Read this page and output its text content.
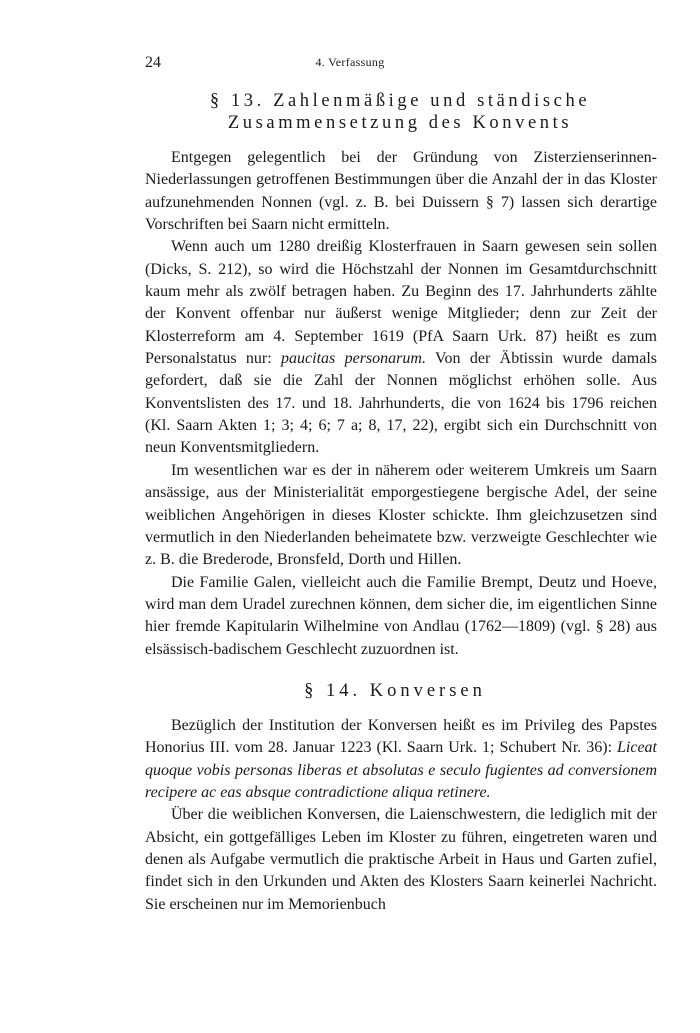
24	4. Verfassung
§ 13. Zahlenmäßige und ständische
Zusammensetzung des Konvents

Entgegen gelegentlich bei der Gründung von Zisterzienserinnen-Niederlassungen getroffenen Bestimmungen über die Anzahl der in das Kloster aufzunehmenden Nonnen (vgl. z. B. bei Duissern § 7) lassen sich derartige Vorschriften bei Saarn nicht ermitteln.

Wenn auch um 1280 dreißig Klosterfrauen in Saarn gewesen sein sollen (Dicks, S. 212), so wird die Höchstzahl der Nonnen im Gesamtdurchschnitt kaum mehr als zwölf betragen haben. Zu Beginn des 17. Jahrhunderts zählte der Konvent offenbar nur äußerst wenige Mitglieder; denn zur Zeit der Klosterreform am 4. September 1619 (PfA Saarn Urk. 87) heißt es zum Personalstatus nur: paucitas personarum. Von der Äbtissin wurde damals gefordert, daß sie die Zahl der Nonnen möglichst erhöhen solle. Aus Konventslisten des 17. und 18. Jahrhunderts, die von 1624 bis 1796 reichen (Kl. Saarn Akten 1; 3; 4; 6; 7 a; 8, 17, 22), ergibt sich ein Durchschnitt von neun Konventsmitgliedern.

Im wesentlichen war es der in näherem oder weiterem Umkreis um Saarn ansässige, aus der Ministerialität emporgestiegene bergische Adel, der seine weiblichen Angehörigen in dieses Kloster schickte. Ihm gleichzusetzen sind vermutlich in den Niederlanden beheimatete bzw. verzweigte Geschlechter wie z. B. die Brederode, Bronsfeld, Dorth und Hillen.

Die Familie Galen, vielleicht auch die Familie Brempt, Deutz und Hoeve, wird man dem Uradel zurechnen können, dem sicher die, im eigentlichen Sinne hier fremde Kapitularin Wilhelmine von Andlau (1762—1809) (vgl. § 28) aus elsässisch-badischem Geschlecht zuzuordnen ist.

§ 14. Konversen

Bezüglich der Institution der Konversen heißt es im Privileg des Papstes Honorius III. vom 28. Januar 1223 (Kl. Saarn Urk. 1; Schubert Nr. 36): Liceat quoque vobis personas liberas et absolutas e seculo fugientes ad conversionem recipere ac eas absque contradictione aliqua retinere.

Über die weiblichen Konversen, die Laienschwestern, die lediglich mit der Absicht, ein gottgefälliges Leben im Kloster zu führen, eingetreten waren und denen als Aufgabe vermutlich die praktische Arbeit in Haus und Garten zufiel, findet sich in den Urkunden und Akten des Klosters Saarn keinerlei Nachricht. Sie erscheinen nur im Memorienbuch
